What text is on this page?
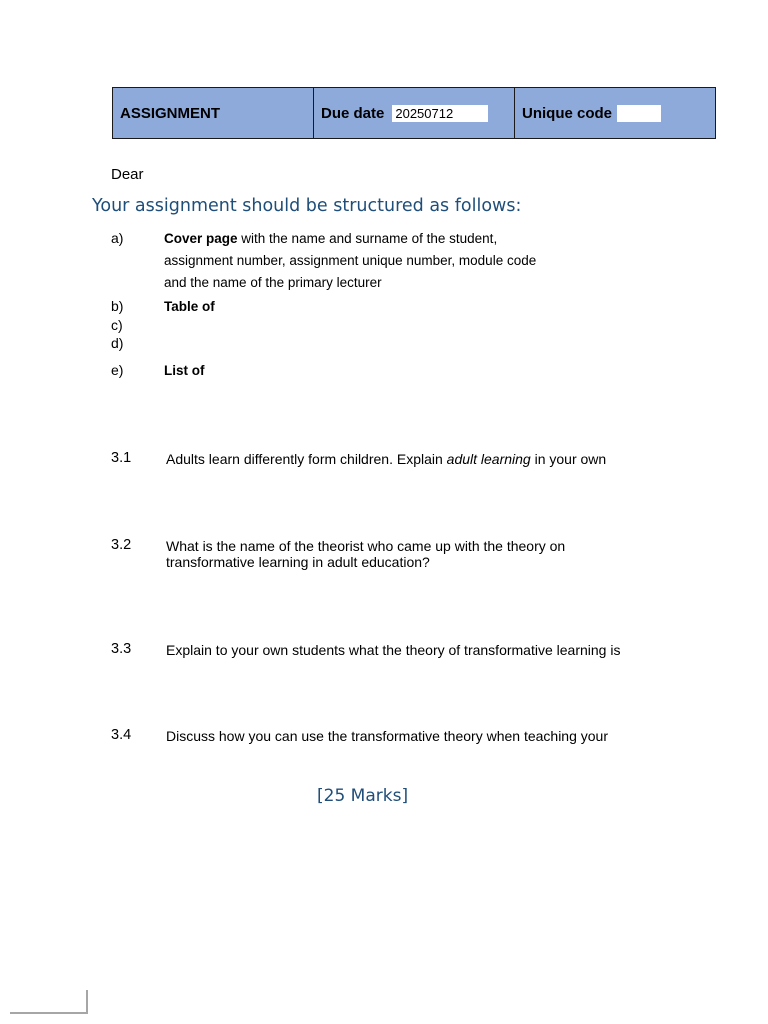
ASSIGNMENT	Due date 20250712	Unique code
Dear
Your assignment should be structured as follows:
a)	Cover page with the name and surname of the student,
assignment number, assignment unique number, module code
and the name of the primary lecturer
b)	Table of
c)
d)
e)	List of
3.1	Adults learn differently form children. Explain adult learning in your own
3.2	What is the name of the theorist who came up with the theory on
transformative learning in adult education?
3.3	Explain to your own students what the theory of transformative learning is
3.4	Discuss how you can use the transformative theory when teaching your
[25 Marks]
